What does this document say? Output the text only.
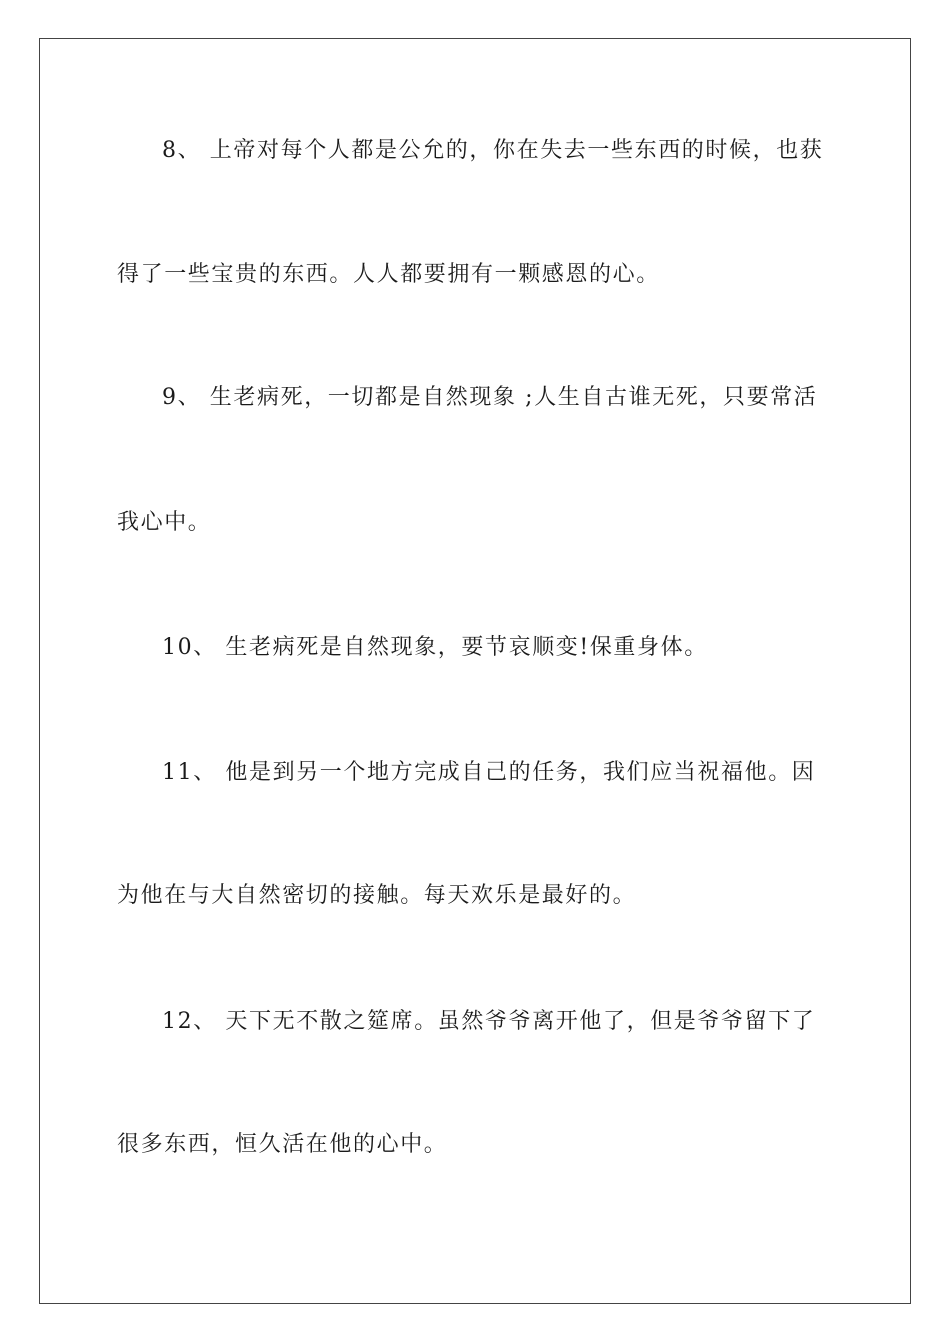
8、 上帝对每个人都是公允的，你在失去一些东西的时候，也获
得了一些宝贵的东西。人人都要拥有一颗感恩的心。
9、 生老病死，一切都是自然现象 ;人生自古谁无死，只要常活
我心中。
10、 生老病死是自然现象，要节哀顺变!保重身体。
11、 他是到另一个地方完成自己的任务，我们应当祝福他。因
为他在与大自然密切的接触。每天欢乐是最好的。
12、 天下无不散之筵席。虽然爷爷离开他了，但是爷爷留下了
很多东西，恒久活在他的心中。
